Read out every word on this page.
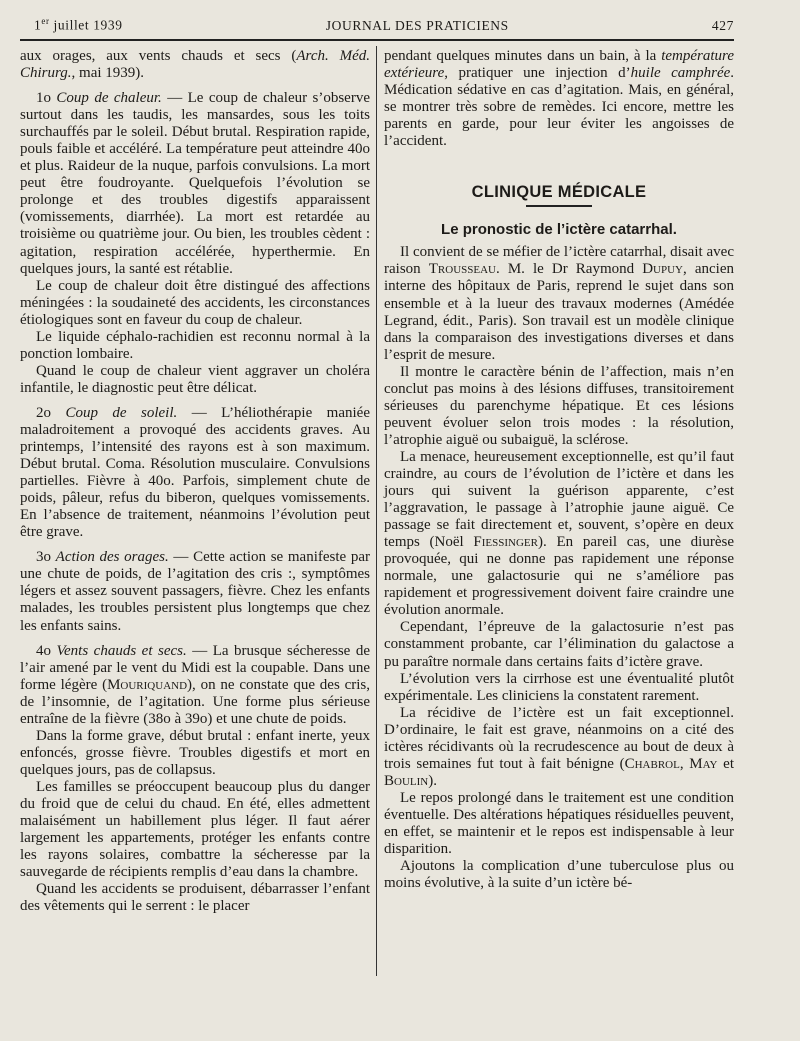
1er juillet 1939	JOURNAL DES PRATICIENS	427

aux orages, aux vents chauds et secs (Arch. Méd. Chirurg., mai 1939).

1o Coup de chaleur. — Le coup de chaleur s’observe surtout dans les taudis, les mansardes, sous les toits surchauffés par le soleil. Début brutal. Respiration rapide, pouls faible et accéléré. La température peut atteindre 40o et plus. Raideur de la nuque, parfois convulsions. La mort peut être foudroyante. Quelquefois l’évolution se prolonge et des troubles digestifs apparaissent (vomissements, diarrhée). La mort est retardée au troisième ou quatrième jour. Ou bien, les troubles cèdent : agitation, respiration accélérée, hyperthermie. En quelques jours, la santé est rétablie.

Le coup de chaleur doit être distingué des affections méningées : la soudaineté des accidents, les circonstances étiologiques sont en faveur du coup de chaleur.

Le liquide céphalo-rachidien est reconnu normal à la ponction lombaire.

Quand le coup de chaleur vient aggraver un choléra infantile, le diagnostic peut être délicat.

2o Coup de soleil. — L’héliothérapie maniée maladroitement a provoqué des accidents graves. Au printemps, l’intensité des rayons est à son maximum. Début brutal. Coma. Résolution musculaire. Convulsions partielles. Fièvre à 40o. Parfois, simplement chute de poids, pâleur, refus du biberon, quelques vomissements. En l’absence de traitement, néanmoins l’évolution peut être grave.

3o Action des orages. — Cette action se manifeste par une chute de poids, de l’agitation des cris :, symptômes légers et assez souvent passagers, fièvre. Chez les enfants malades, les troubles persistent plus longtemps que chez les enfants sains.

4o Vents chauds et secs. — La brusque sécheresse de l’air amené par le vent du Midi est la coupable. Dans une forme légère (Mouriquand), on ne constate que des cris, de l’insomnie, de l’agitation. Une forme plus sérieuse entraîne de la fièvre (38o à 39o) et une chute de poids.

Dans la forme grave, début brutal : enfant inerte, yeux enfoncés, grosse fièvre. Troubles digestifs et mort en quelques jours, pas de collapsus.

Les familles se préoccupent beaucoup plus du danger du froid que de celui du chaud. En été, elles admettent malaisément un habillement plus léger. Il faut aérer largement les appartements, protéger les enfants contre les rayons solaires, combattre la sécheresse par la sauvegarde de récipients remplis d’eau dans la chambre.

Quand les accidents se produisent, débarrasser l’enfant des vêtements qui le serrent : le placer

pendant quelques minutes dans un bain, à la température extérieure, pratiquer une injection d’huile camphrée. Médication sédative en cas d’agitation. Mais, en général, se montrer très sobre de remèdes. Ici encore, mettre les parents en garde, pour leur éviter les angoisses de l’accident.

CLINIQUE MÉDICALE
Le pronostic de l’ictère catarrhal.

Il convient de se méfier de l’ictère catarrhal, disait avec raison Trousseau. M. le Dr Raymond Dupuy, ancien interne des hôpitaux de Paris, reprend le sujet dans son ensemble et à la lueur des travaux modernes (Amédée Legrand, édit., Paris). Son travail est un modèle clinique dans la comparaison des investigations diverses et dans l’esprit de mesure.

Il montre le caractère bénin de l’affection, mais n’en conclut pas moins à des lésions diffuses, transitoirement sérieuses du parenchyme hépatique. Et ces lésions peuvent évoluer selon trois modes : la résolution, l’atrophie aiguë ou subaiguë, la sclérose.

La menace, heureusement exceptionnelle, est qu’il faut craindre, au cours de l’évolution de l’ictère et dans les jours qui suivent la guérison apparente, c’est l’aggravation, le passage à l’atrophie jaune aiguë. Ce passage se fait directement et, souvent, s’opère en deux temps (Noël Fiessinger). En pareil cas, une diurèse provoquée, qui ne donne pas rapidement une réponse normale, une galactosurie qui ne s’améliore pas rapidement et progressivement doivent faire craindre une évolution anormale.

Cependant, l’épreuve de la galactosurie n’est pas constamment probante, car l’élimination du galactose a pu paraître normale dans certains faits d’ictère grave.

L’évolution vers la cirrhose est une éventualité plutôt expérimentale. Les cliniciens la constatent rarement.

La récidive de l’ictère est un fait exceptionnel. D’ordinaire, le fait est grave, néanmoins on a cité des ictères récidivants où la recrudescence au bout de deux à trois semaines fut tout à fait bénigne (Chabrol, May et Boulin).

Le repos prolongé dans le traitement est une condition éventuelle. Des altérations hépatiques résiduelles peuvent, en effet, se maintenir et le repos est indispensable à leur disparition.

Ajoutons la complication d’une tuberculose plus ou moins évolutive, à la suite d’un ictère bé-
